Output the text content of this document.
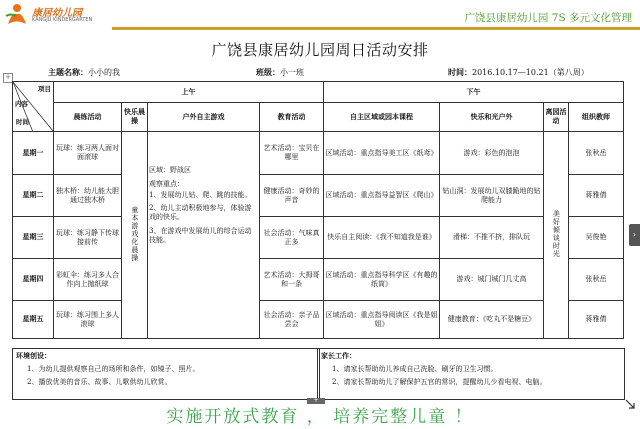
康居幼儿园
KANGJU KINDERGARTEN	广饶县康居幼儿园 7S 多元文化管理
广饶县康居幼儿园周日活动安排
主题名称：小小的我	班级：小一班	时间：2016.10.17—10.21（第八周）
+
项目
内容
时间	上午				下午			
	晨练活动	快乐晨操	户外自主游戏	教育活动	自主区域或园本课程	快乐和光户外	离园活动	组织教师
星期一	玩球：练习两人面对面滚球	童本游戏化晨操	区域：野战区
观察重点：
1、发展幼儿钻、爬、跳的技能。
2、幼儿主动积极地参与，体验游戏的快乐。
3、在游戏中发展幼儿的综合运动技能。	艺术活动：宝贝在哪里	区域活动：重点指导美工区《纸鸢》	游戏：彩色的泡泡	美好倾谈时光	张秋岳
星期二	独木桥：幼儿能大胆通过独木桥			健康活动：奇妙的声音	区域活动：重点指导益智区《爬山》	钻山洞：发展幼儿双膝跪地的钻爬能力		蒋雅倩
星期三	玩球：练习静下传球接前传			社会活动：气味真正多	快乐自主阅读：《我不知道我是谁》	滑梯：不推不挤，排队玩		吴俊艳
星期四	彩虹伞：练习多人合作向上抛纸球			艺术活动：大拇哥和一条	区域活动：重点指导科学区《有趣的纸筒》	游戏：城门城门几丈高		张秋岳
星期五	玩球：练习围上多人滚球			社会活动：亲子品尝会	区域活动：重点指导阅读区《我是姐姐》	健康教育：《吃丸不是糖豆》		蒋雅倩
环境创设：
1、为幼儿提供观察自己的场所和条件，如镜子、照片。
2、播放优美的音乐、故事、儿歌供幼儿欣赏。
家长工作：
1、请家长帮助幼儿养成自己洗脸、刷牙的卫生习惯。
2、请家长帮助幼儿了解保护五官的常识，提醒幼儿少看电视、电脑。
+
›
实施开放式教育 ， 培养完整儿童 ！
